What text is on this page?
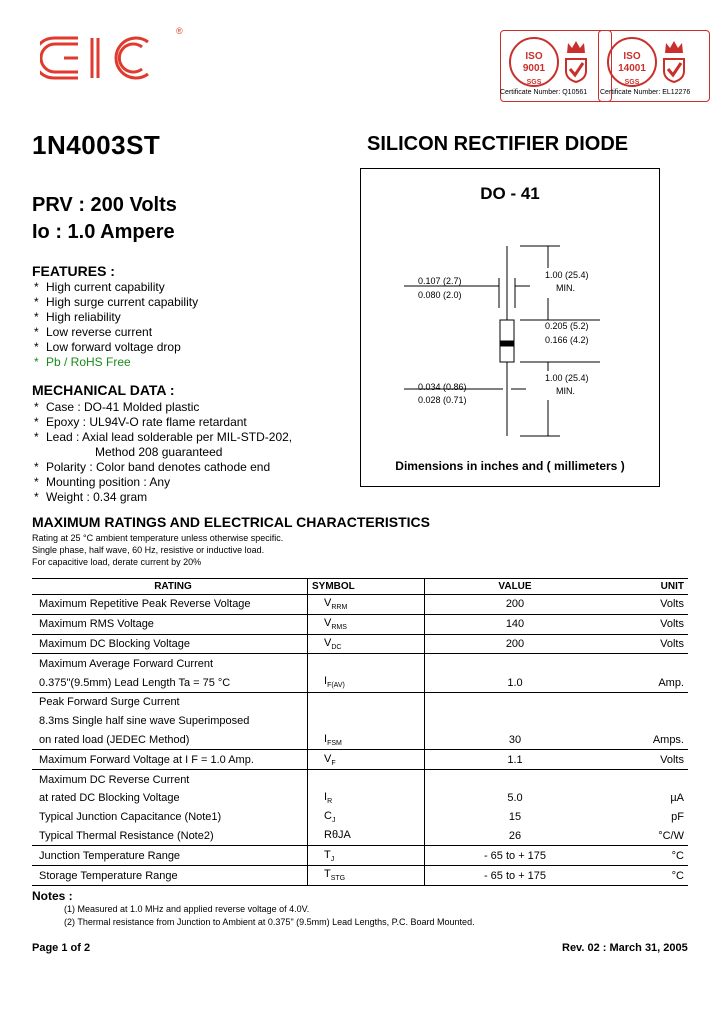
®
ISO
9001
SGS
Certificate Number: Q10561
ISO
14001
SGS
Certificate Number: EL12276
1N4003ST	SILICON RECTIFIER DIODE
PRV : 200 Volts
Io : 1.0 Ampere
FEATURES :
* High current capability
* High surge current capability
* High reliability
* Low reverse current
* Low forward voltage drop
* Pb / RoHS Free
MECHANICAL DATA :
* Case : DO-41 Molded plastic
* Epoxy : UL94V-O rate flame retardant
* Lead : Axial lead solderable per MIL-STD-202,
Method 208 guaranteed
* Polarity : Color band denotes cathode end
* Mounting position : Any
* Weight : 0.34 gram
DO - 41
0.107 (2.7)
0.080 (2.0)
1.00 (25.4)
MIN.
0.205 (5.2)
0.166 (4.2)
0.034 (0.86)
0.028 (0.71)
1.00 (25.4)
MIN.
Dimensions in inches and ( millimeters )
MAXIMUM RATINGS AND ELECTRICAL CHARACTERISTICS
Rating at 25 °C ambient temperature unless otherwise specific.
Single phase, half wave, 60 Hz, resistive or inductive load.
For capacitive load, derate current by 20%
RATING	SYMBOL	VALUE	UNIT
Maximum Repetitive Peak Reverse Voltage	$V_{RRM}$	200	Volts
Maximum RMS Voltage	$V_{RMS}$	140	Volts
Maximum DC Blocking Voltage	$V_{DC}$	200	Volts
Maximum Average Forward Current			
0.375"(9.5mm) Lead Length Ta = 75 °C	$I_{F(AV)}$	1.0	Amp.
Peak Forward Surge Current			
8.3ms Single half sine wave Superimposed			
on rated load (JEDEC Method)	$I_{FSM}$	30	Amps.
Maximum Forward Voltage at I F = 1.0 Amp.	$V_F$	1.1	Volts
Maximum DC Reverse Current			
at rated DC Blocking Voltage	$I_R$	5.0	µA
Typical Junction Capacitance (Note1)	$C_J$	15	pF
Typical Thermal Resistance (Note2)	RθJA	26	°C/W
Junction Temperature Range	$T_J$	- 65 to + 175	°C
Storage Temperature Range	$T_{STG}$	- 65 to + 175	°C
Notes :
(1) Measured at 1.0 MHz and applied reverse voltage of 4.0V.
(2) Thermal resistance from Junction to Ambient at 0.375" (9.5mm) Lead Lengths, P.C. Board Mounted.
Page 1 of 2	Rev. 02 : March 31, 2005
